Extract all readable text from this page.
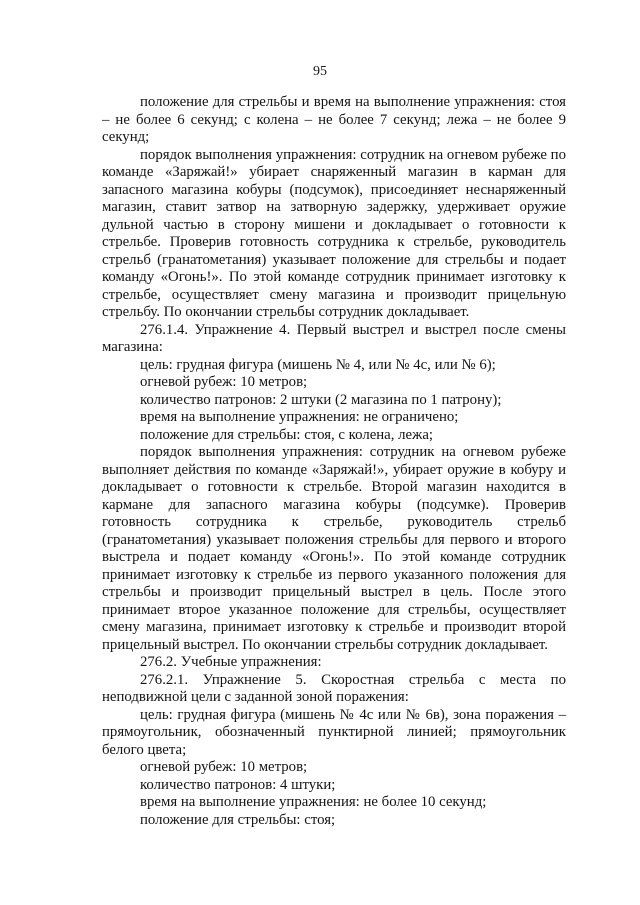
95

положение для стрельбы и время на выполнение упражнения: стоя – не более 6 секунд; с колена – не более 7 секунд; лежа – не более 9 секунд;

порядок выполнения упражнения: сотрудник на огневом рубеже по команде «Заряжай!» убирает снаряженный магазин в карман для запасного магазина кобуры (подсумок), присоединяет неснаряженный магазин, ставит затвор на затворную задержку, удерживает оружие дульной частью в сторону мишени и докладывает о готовности к стрельбе. Проверив готовность сотрудника к стрельбе, руководитель стрельб (гранатометания) указывает положение для стрельбы и подает команду «Огонь!». По этой команде сотрудник принимает изготовку к стрельбе, осуществляет смену магазина и производит прицельную стрельбу. По окончании стрельбы сотрудник докладывает.

276.1.4. Упражнение 4. Первый выстрел и выстрел после смены магазина:

цель: грудная фигура (мишень № 4, или № 4с, или № 6);

огневой рубеж: 10 метров;

количество патронов: 2 штуки (2 магазина по 1 патрону);

время на выполнение упражнения: не ограничено;

положение для стрельбы: стоя, с колена, лежа;

порядок выполнения упражнения: сотрудник на огневом рубеже выполняет действия по команде «Заряжай!», убирает оружие в кобуру и докладывает о готовности к стрельбе. Второй магазин находится в кармане для запасного магазина кобуры (подсумке). Проверив готовность сотрудника к стрельбе, руководитель стрельб (гранатометания) указывает положения стрельбы для первого и второго выстрела и подает команду «Огонь!». По этой команде сотрудник принимает изготовку к стрельбе из первого указанного положения для стрельбы и производит прицельный выстрел в цель. После этого принимает второе указанное положение для стрельбы, осуществляет смену магазина, принимает изготовку к стрельбе и производит второй прицельный выстрел. По окончании стрельбы сотрудник докладывает.

276.2. Учебные упражнения:

276.2.1. Упражнение 5. Скоростная стрельба с места по неподвижной цели с заданной зоной поражения:

цель: грудная фигура (мишень № 4с или № 6в), зона поражения – прямоугольник, обозначенный пунктирной линией; прямоугольник белого цвета;

огневой рубеж: 10 метров;

количество патронов: 4 штуки;

время на выполнение упражнения: не более 10 секунд;

положение для стрельбы: стоя;
